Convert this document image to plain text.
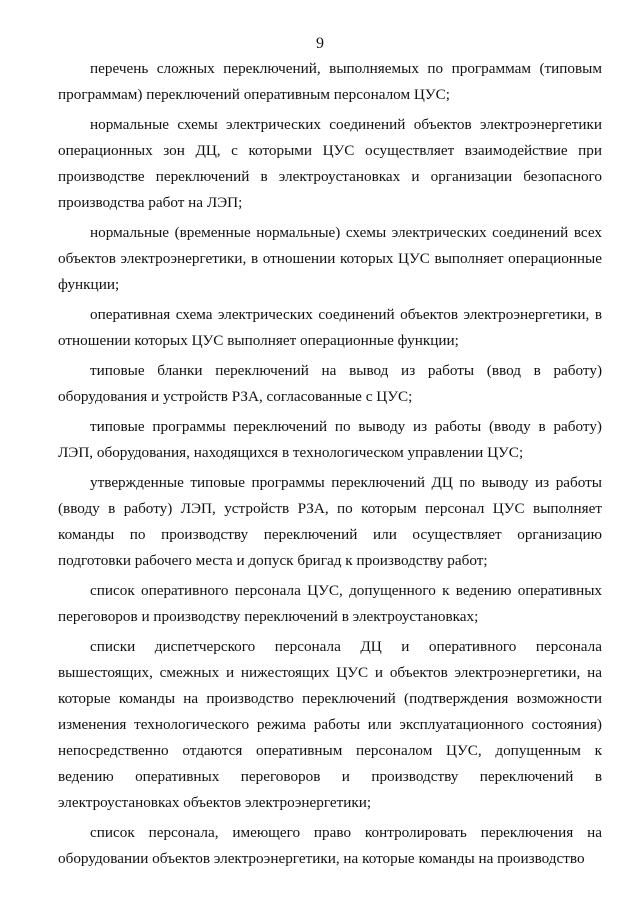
9

перечень сложных переключений, выполняемых по программам (типовым программам) переключений оперативным персоналом ЦУС;

нормальные схемы электрических соединений объектов электроэнергетики операционных зон ДЦ, с которыми ЦУС осуществляет взаимодействие при производстве переключений в электроустановках и организации безопасного производства работ на ЛЭП;

нормальные (временные нормальные) схемы электрических соединений всех объектов электроэнергетики, в отношении которых ЦУС выполняет операционные функции;

оперативная схема электрических соединений объектов электроэнергетики, в отношении которых ЦУС выполняет операционные функции;

типовые бланки переключений на вывод из работы (ввод в работу) оборудования и устройств РЗА, согласованные с ЦУС;

типовые программы переключений по выводу из работы (вводу в работу) ЛЭП, оборудования, находящихся в технологическом управлении ЦУС;

утвержденные типовые программы переключений ДЦ по выводу из работы (вводу в работу) ЛЭП, устройств РЗА, по которым персонал ЦУС выполняет команды по производству переключений или осуществляет организацию подготовки рабочего места и допуск бригад к производству работ;

список оперативного персонала ЦУС, допущенного к ведению оперативных переговоров и производству переключений в электроустановках;

списки диспетчерского персонала ДЦ и оперативного персонала вышестоящих, смежных и нижестоящих ЦУС и объектов электроэнергетики, на которые команды на производство переключений (подтверждения возможности изменения технологического режима работы или эксплуатационного состояния) непосредственно отдаются оперативным персоналом ЦУС, допущенным к ведению оперативных переговоров и производству переключений в электроустановках объектов электроэнергетики;

список персонала, имеющего право контролировать переключения на оборудовании объектов электроэнергетики, на которые команды на производство
